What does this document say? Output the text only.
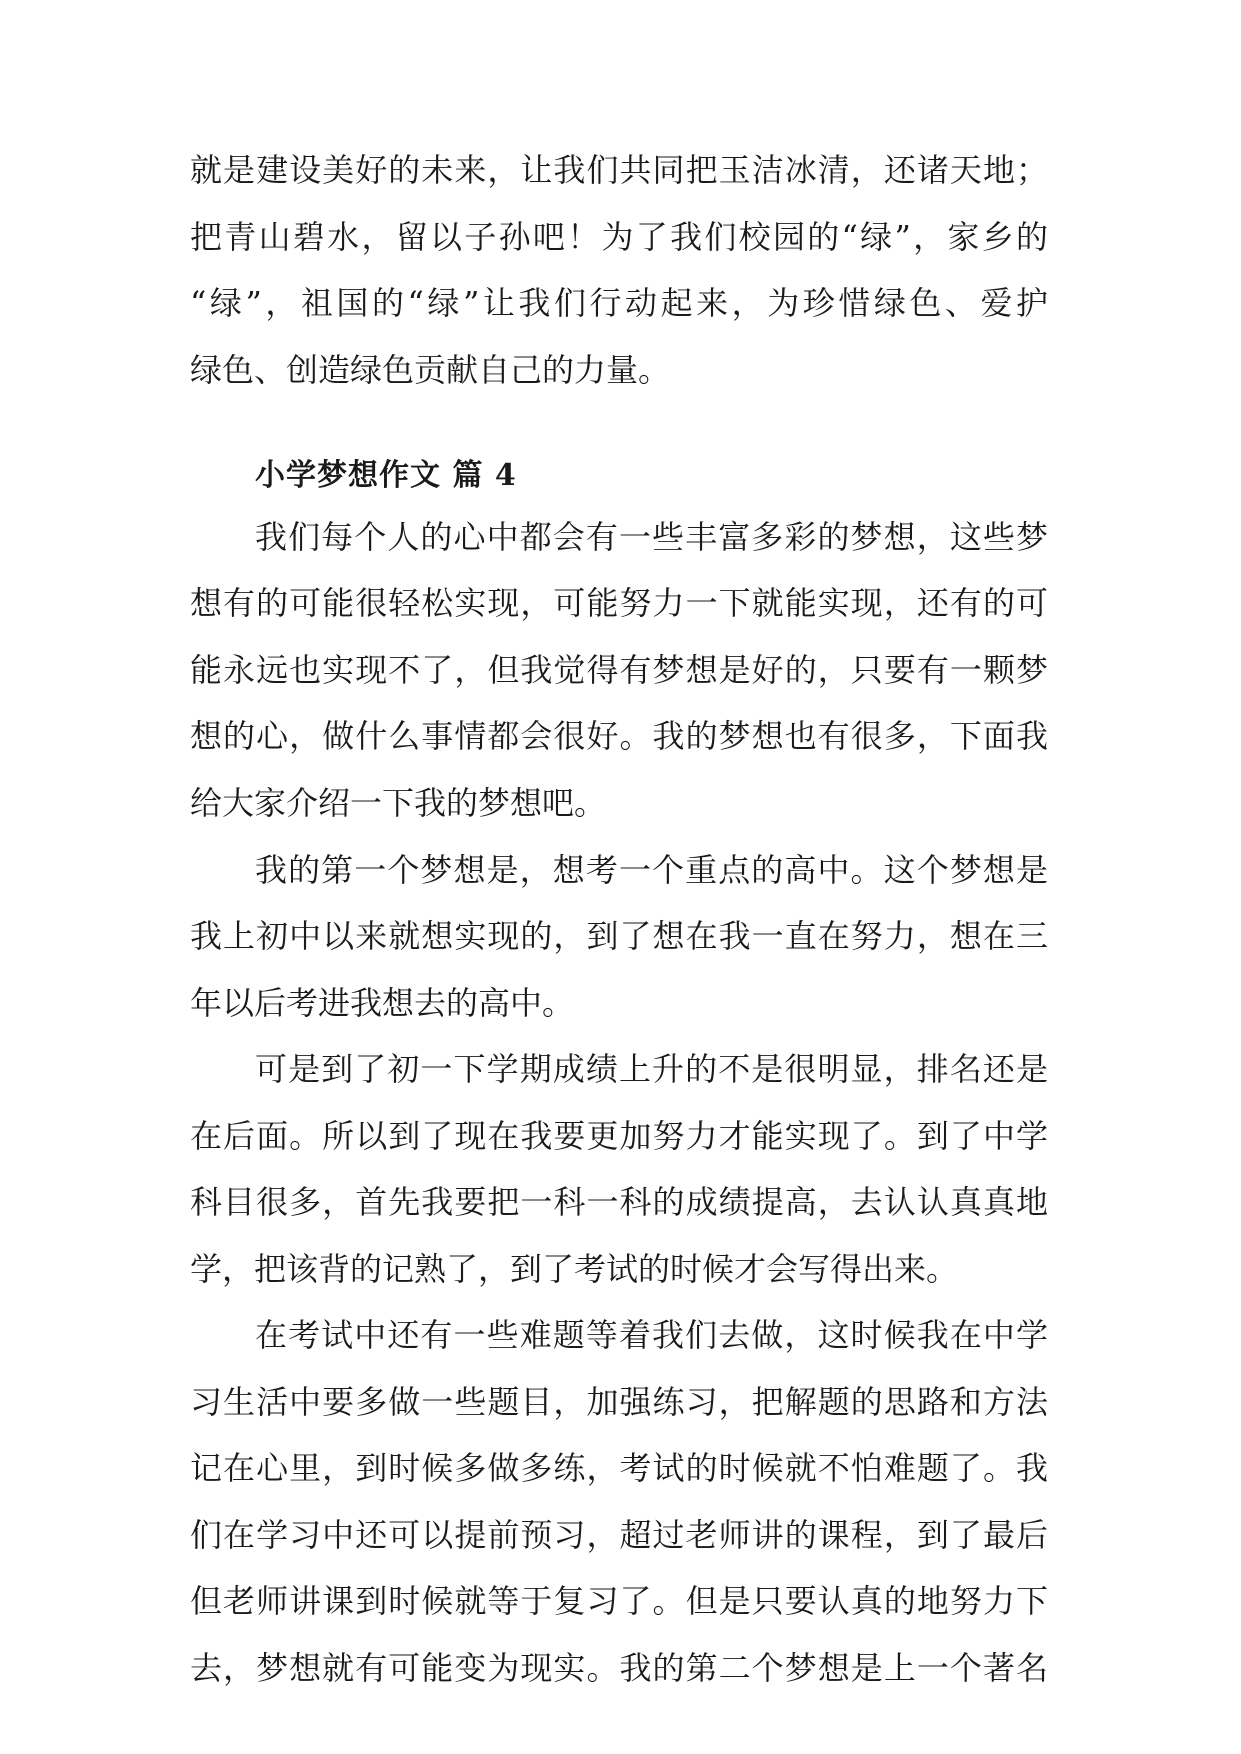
就是建设美好的未来，让我们共同把玉洁冰清，还诸天地；

把青山碧水，留以子孙吧！为了我们校园的“绿”，家乡的

“绿”，祖国的“绿”让我们行动起来，为珍惜绿色、爱护

绿色、创造绿色贡献自己的力量。

小学梦想作文 篇 4

我们每个人的心中都会有一些丰富多彩的梦想，这些梦

想有的可能很轻松实现，可能努力一下就能实现，还有的可

能永远也实现不了，但我觉得有梦想是好的，只要有一颗梦

想的心，做什么事情都会很好。我的梦想也有很多，下面我

给大家介绍一下我的梦想吧。

我的第一个梦想是，想考一个重点的高中。这个梦想是

我上初中以来就想实现的，到了想在我一直在努力，想在三

年以后考进我想去的高中。

可是到了初一下学期成绩上升的不是很明显，排名还是

在后面。所以到了现在我要更加努力才能实现了。到了中学

科目很多，首先我要把一科一科的成绩提高，去认认真真地

学，把该背的记熟了，到了考试的时候才会写得出来。

在考试中还有一些难题等着我们去做，这时候我在中学

习生活中要多做一些题目，加强练习，把解题的思路和方法

记在心里，到时候多做多练，考试的时候就不怕难题了。我

们在学习中还可以提前预习，超过老师讲的课程，到了最后

但老师讲课到时候就等于复习了。但是只要认真的地努力下

去，梦想就有可能变为现实。我的第二个梦想是上一个著名
